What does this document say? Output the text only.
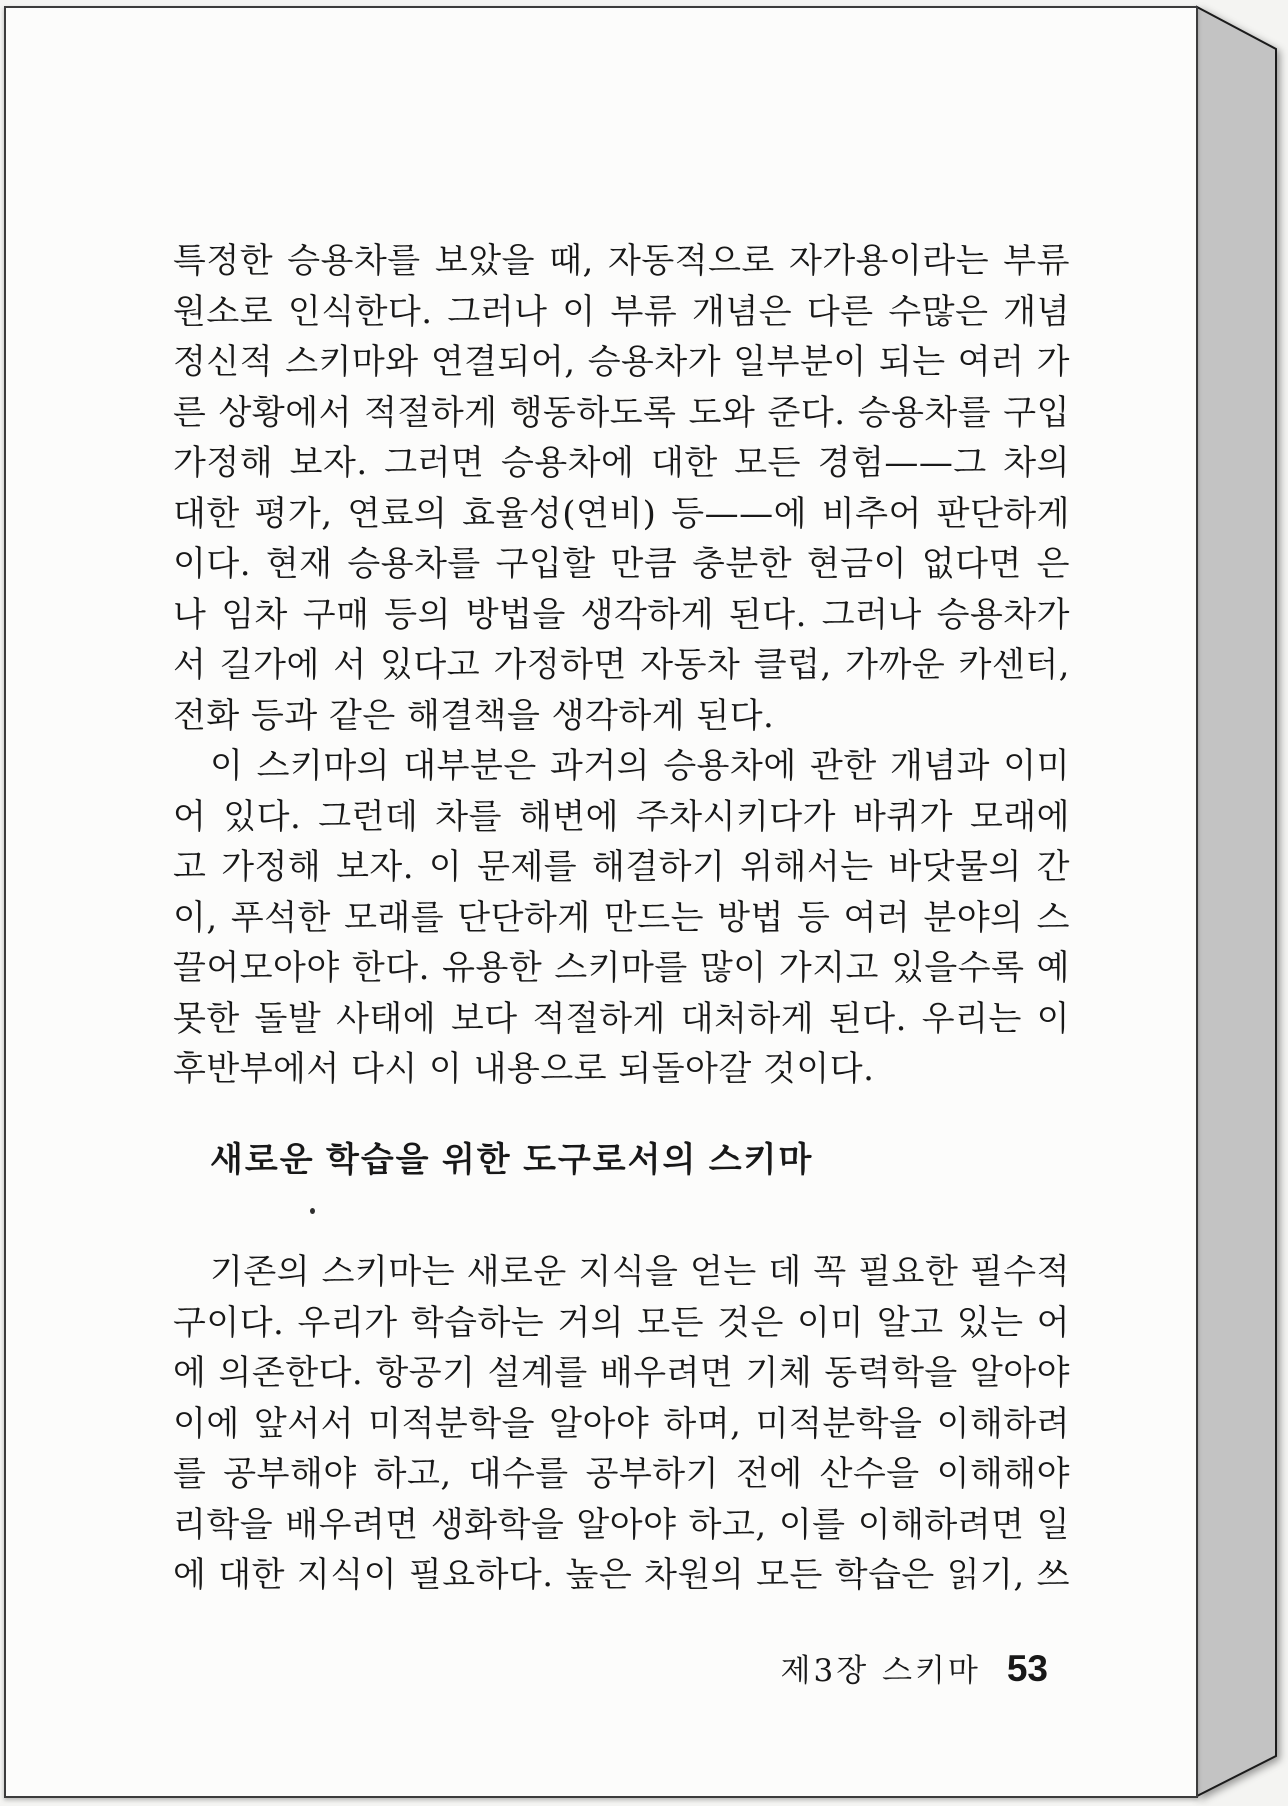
특정한 승용차를 보았을 때, 자동적으로 자가용이라는 부류
원소로 인식한다. 그러나 이 부류 개념은 다른 수많은 개념
정신적 스키마와 연결되어, 승용차가 일부분이 되는 여러 가
른 상황에서 적절하게 행동하도록 도와 준다. 승용차를 구입
가정해 보자. 그러면 승용차에 대한 모든 경험——그 차의
대한 평가, 연료의 효율성(연비) 등——에 비추어 판단하게
이다. 현재 승용차를 구입할 만큼 충분한 현금이 없다면 은
나 임차 구매 등의 방법을 생각하게 된다. 그러나 승용차가
서 길가에 서 있다고 가정하면 자동차 클럽, 가까운 카센터,
전화 등과 같은 해결책을 생각하게 된다.
이 스키마의 대부분은 과거의 승용차에 관한 개념과 이미
어 있다. 그런데 차를 해변에 주차시키다가 바퀴가 모래에
고 가정해 보자. 이 문제를 해결하기 위해서는 바닷물의 간
이, 푸석한 모래를 단단하게 만드는 방법 등 여러 분야의 스
끌어모아야 한다. 유용한 스키마를 많이 가지고 있을수록 예
못한 돌발 사태에 보다 적절하게 대처하게 된다. 우리는 이
후반부에서 다시 이 내용으로 되돌아갈 것이다.
새로운 학습을 위한 도구로서의 스키마
기존의 스키마는 새로운 지식을 얻는 데 꼭 필요한 필수적
구이다. 우리가 학습하는 거의 모든 것은 이미 알고 있는 어
에 의존한다. 항공기 설계를 배우려면 기체 동력학을 알아야
이에 앞서서 미적분학을 알아야 하며, 미적분학을 이해하려
를 공부해야 하고, 대수를 공부하기 전에 산수을 이해해야
리학을 배우려면 생화학을 알아야 하고, 이를 이해하려면 일
에 대한 지식이 필요하다. 높은 차원의 모든 학습은 읽기, 쓰
제3장 스키마 53
